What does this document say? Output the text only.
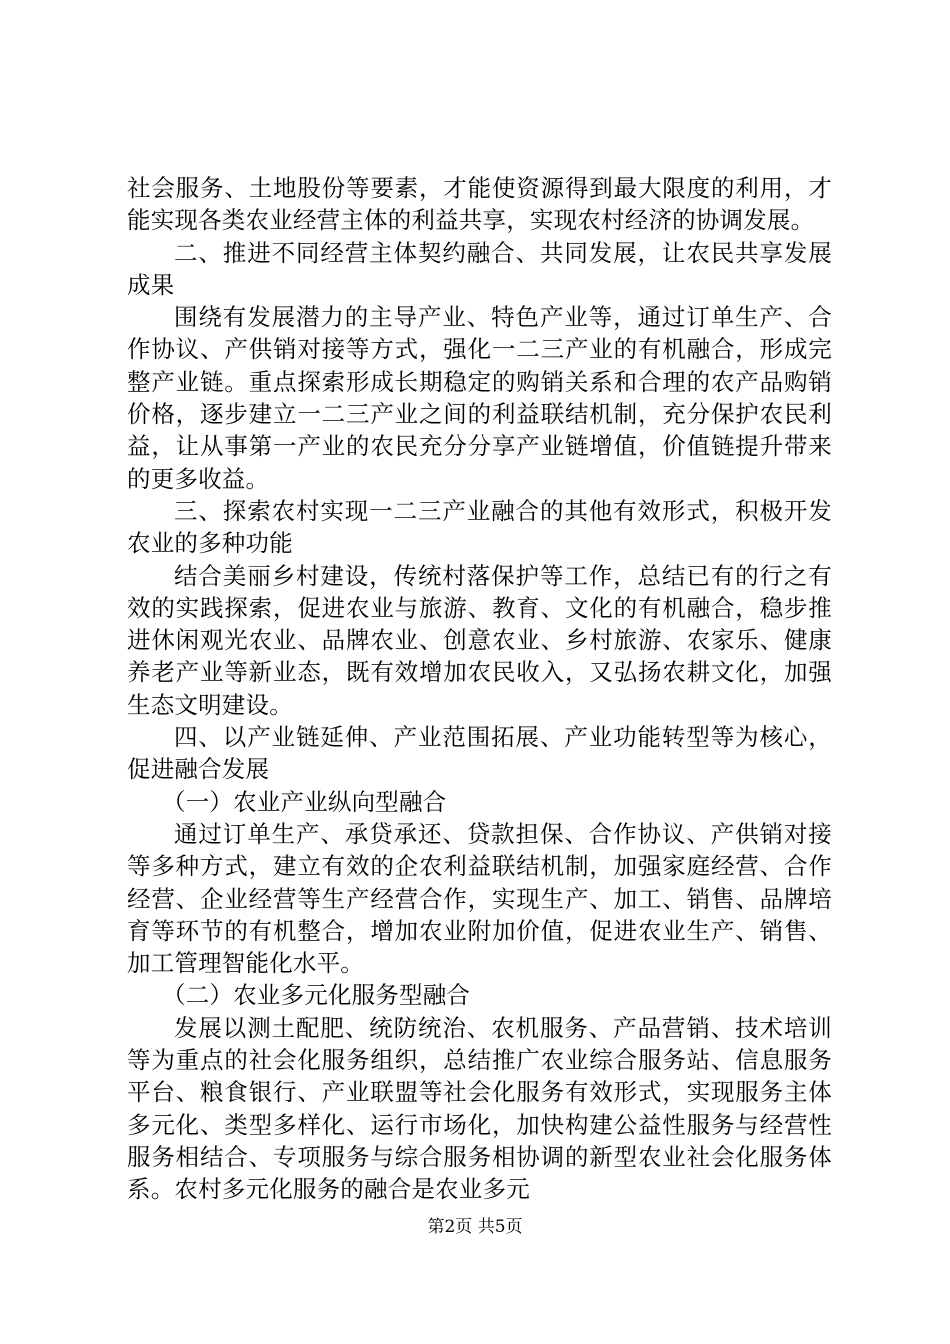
社会服务、土地股份等要素，才能使资源得到最大限度的利用，才能实现各类农业经营主体的利益共享，实现农村经济的协调发展。

二、推进不同经营主体契约融合、共同发展，让农民共享发展成果

围绕有发展潜力的主导产业、特色产业等，通过订单生产、合作协议、产供销对接等方式，强化一二三产业的有机融合，形成完整产业链。重点探索形成长期稳定的购销关系和合理的农产品购销价格，逐步建立一二三产业之间的利益联结机制，充分保护农民利益，让从事第一产业的农民充分分享产业链增值，价值链提升带来的更多收益。

三、探索农村实现一二三产业融合的其他有效形式，积极开发农业的多种功能

结合美丽乡村建设，传统村落保护等工作，总结已有的行之有效的实践探索，促进农业与旅游、教育、文化的有机融合，稳步推进休闲观光农业、品牌农业、创意农业、乡村旅游、农家乐、健康养老产业等新业态，既有效增加农民收入，又弘扬农耕文化，加强生态文明建设。

四、以产业链延伸、产业范围拓展、产业功能转型等为核心，促进融合发展

（一）农业产业纵向型融合

通过订单生产、承贷承还、贷款担保、合作协议、产供销对接等多种方式，建立有效的企农利益联结机制，加强家庭经营、合作经营、企业经营等生产经营合作，实现生产、加工、销售、品牌培育等环节的有机整合，增加农业附加价值，促进农业生产、销售、加工管理智能化水平。

（二）农业多元化服务型融合

发展以测土配肥、统防统治、农机服务、产品营销、技术培训等为重点的社会化服务组织，总结推广农业综合服务站、信息服务平台、粮食银行、产业联盟等社会化服务有效形式，实现服务主体多元化、类型多样化、运行市场化，加快构建公益性服务与经营性服务相结合、专项服务与综合服务相协调的新型农业社会化服务体系。农村多元化服务的融合是农业多元

第2页 共5页
